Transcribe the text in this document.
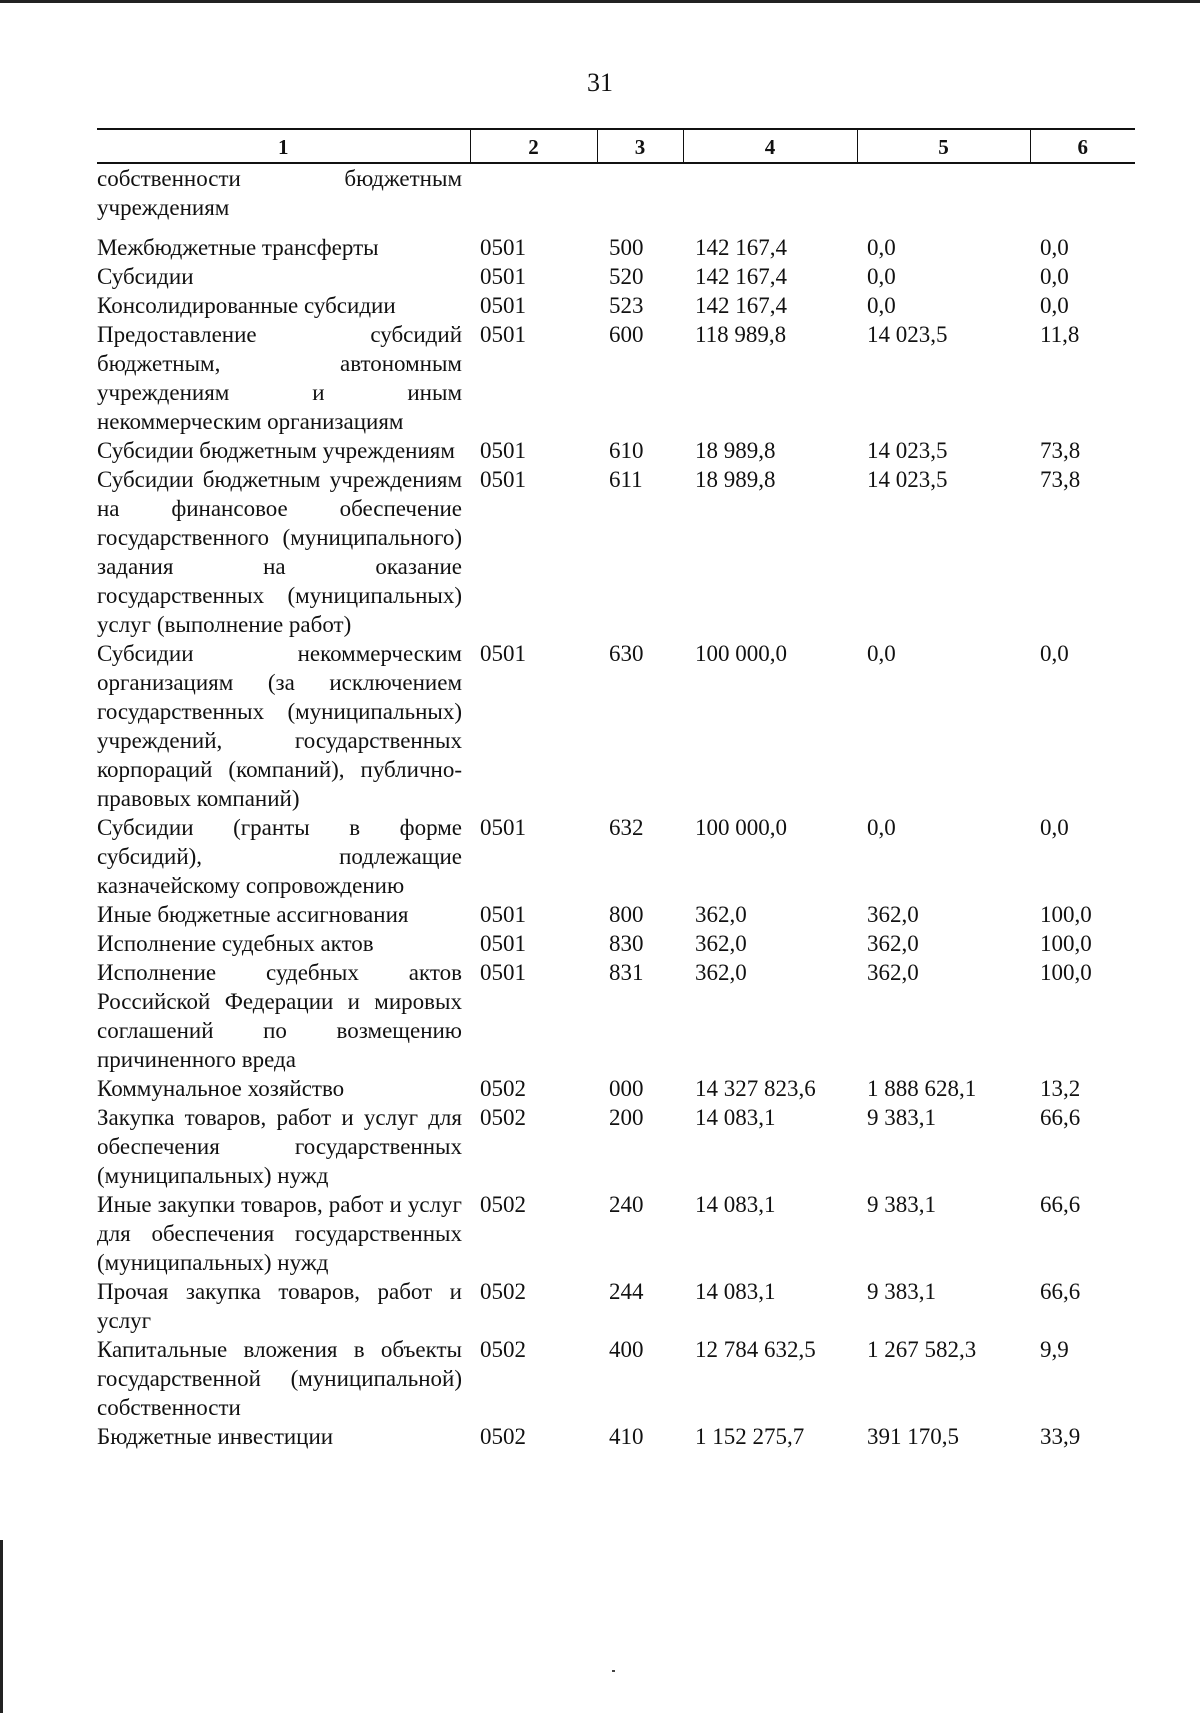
31
1	2	3	4	5	6
собственности бюджетным учреждениям					
Межбюджетные трансферты	0501	500	142 167,4	0,0	0,0
Субсидии	0501	520	142 167,4	0,0	0,0
Консолидированные субсидии	0501	523	142 167,4	0,0	0,0
Предоставление субсидий бюджетным, автономным учреждениям и иным некоммерческим организациям	0501	600	118 989,8	14 023,5	11,8
Субсидии бюджетным учреждениям	0501	610	18 989,8	14 023,5	73,8
Субсидии бюджетным учреждениям на финансовое обеспечение государственного (муниципального) задания на оказание государственных (муниципальных) услуг (выполнение работ)	0501	611	18 989,8	14 023,5	73,8
Субсидии некоммерческим организациям (за исключением государственных (муниципальных) учреждений, государственных корпораций (компаний), публично-правовых компаний)	0501	630	100 000,0	0,0	0,0
Субсидии (гранты в форме субсидий), подлежащие казначейскому сопровождению	0501	632	100 000,0	0,0	0,0
Иные бюджетные ассигнования	0501	800	362,0	362,0	100,0
Исполнение судебных актов	0501	830	362,0	362,0	100,0
Исполнение судебных актов Российской Федерации и мировых соглашений по возмещению причиненного вреда	0501	831	362,0	362,0	100,0
Коммунальное хозяйство	0502	000	14 327 823,6	1 888 628,1	13,2
Закупка товаров, работ и услуг для обеспечения государственных (муниципальных) нужд	0502	200	14 083,1	9 383,1	66,6
Иные закупки товаров, работ и услуг для обеспечения государственных (муниципальных) нужд	0502	240	14 083,1	9 383,1	66,6
Прочая закупка товаров, работ и услуг	0502	244	14 083,1	9 383,1	66,6
Капитальные вложения в объекты государственной (муниципальной) собственности	0502	400	12 784 632,5	1 267 582,3	9,9
Бюджетные инвестиции	0502	410	1 152 275,7	391 170,5	33,9
